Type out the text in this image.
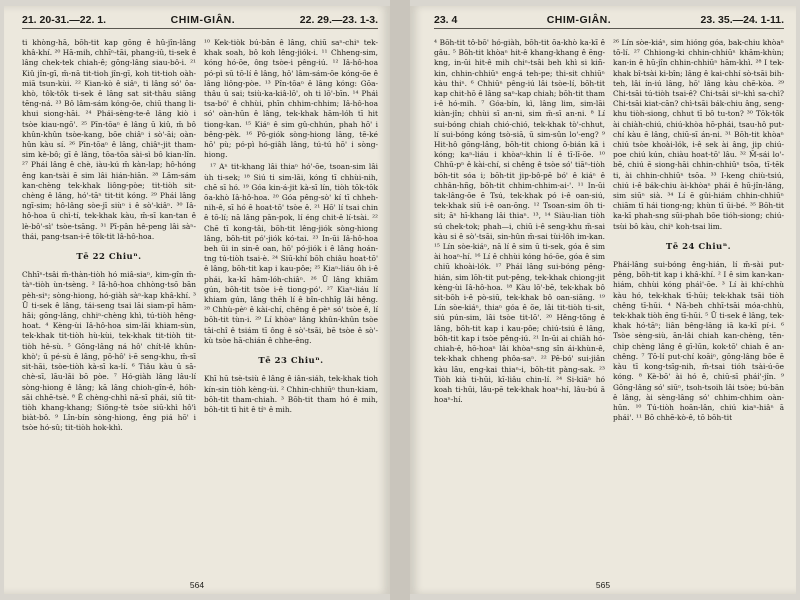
21. 20-31.—22. 1.	CHIM-GIÂN.	22. 29.—23. 1-3.

ti khòng-hā, bōh-tit kap gōng ê hû-jîn-lâng khâ-khí. ²⁰ Hā-mih, chhīⁿ-tāi, phang-iû, ti-sek ê lâng chek-tek chiah-ê; gōng-lâng siau-bô-i. ²¹ Kiû jîn-gī, m̄-nā tit-tioh jîn-gī, koh tit-tioh oàh-miā tsun-kùi. ²² Kian-kò ê siâⁿ, ti lâng só' ōa-khò, tôk-tôk ti-sek ê lâng sat sit-thâu siāng tēng-ná. ²³ Bô lâm-sám kóng-ōe, chiū thang li-khui siong-hāi. ²⁴ Phái̍-sèng-te-ê lâng kiò i tsòe kiau-ngō'. ²⁵ Pīn-tōaⁿ ê lâng ū kiû, m̄ bô khûn-khûn tsòe-kang, bōe chiâⁿ i sò'-āi; oàn-hûn kàu sí. ²⁶ Pīn-tōaⁿ ê lâng, chiâⁿ-jit tham-sim kè-bô; gī ê lâng, tōa-tōa sài-sì bô kian-lîn. ²⁷ Phái̍ lâng ê chè, iàu-kú m̄ kàn-lap; hô-hóng êng kan-tsài ē sim lâi hián-hiān. ²⁸ Lām-sám kan-chèng tek-khak liông-pòe; tit-tiòh sit-chèng ê lâng, hó'-tāⁿ tit-tit kóng. ²⁹ Phái̍ lâng ngī-sim; hô-lâng sòe-jī siùⁿ i ê sò'-kiâⁿ. ³⁰ Iâ-hô-hoa ū chì-tí, tek-khak kàu, m̄-sī kan-tan ê lè-bô'-sì' tsòe-tsāng. ³¹ Pī-pân hê-peng lâi sàⁿ-thái, pang-tsan-i-ē tōk-tit lâ-hô-hoa.

Tē 22 Chiuⁿ.

Chhīⁿ-tsâi m̄-thàn-tiòh hó miâ-siaⁿ, kim-gîn m̄-tàⁿ-tiòh ùn-tsèng. ² Iâ-hô-hoa chhòng-tsō bān pèh-siⁿ; sòng-hiong, hó-giàh sàⁿ-kap khâ-khí. ³ Ū ti-sek ê lâng, tái-seng tsai lāi siam-pī hām-hāi; gōng-lâng, chhiⁿ-chèng khì, tú-tiòh hêng-hoat. ⁴ Kèng-ùi Iâ-hô-hoa sim-lāi khiam-sùn, tek-khak tit-tiòh hù-kùi, tek-khak tit-tiòh tit-tiòh hê-sù. ⁵ Gōng-lâng ná hô' chít-lê khûn-khò'; ū pé-sù ê lâng, pō-hô' i-ē seng-khu, m̄-sī sit-hāi, tsòe-tiòh kà-sī ka-lí. ⁶ Tiâu kàu ū sā-chè-sī, lāu-lāi bō pòe. ⁷ Hó-giàh lâng lâu-lí sòng-hiong ê lâng; kā lâng chioh-gîn-ê, hóh-sāi chhē-tsè. ⁸ Ê chèng-chhì nā-sī phái, siū tit-tiòh khang-khang; Siōng-tè tsòe siū-khì hô'ì biàt-bô. ⁹ Lîn-bín sòng-hiong, êng piá hō' i tsòe hó-sû; tit-tiòh hok-khì.

¹⁰ Kek-tiòk bú-bān ê lâng, chiū saⁿ-chiⁿ tek-khak soah, bô koh lêng-jiók-i. ¹¹ Chheng-sim, kóng hó-ōe, ông tsòe-i pêng-iú. ¹² Iâ-hô-hoa pó-pì sū tō-lí ê lâng, hō' lâm-sám-ōe kóng-ōe ê lâng liông-pòe. ¹³ Pîn-tōaⁿ ê lâng kóng: Gōa-thâu ū sai; tsiù-ka-kiâ-lō', oh ti lō'-bīn. ¹⁴ Phái̍ tsa-bó' ê chhùi, phīn chhim-chhim; Iâ-hô-hoa só' oàn-hūn ê lâng, tek-khak hām-lóh tī hit tiong-kan. ¹⁵ Kiáⁿ ê sim gû-chhún, phah hō' i bêng-pèk. ¹⁶ Pô-giók sòng-hiong lâng, tē-ké hō' pù; pó-pì hó-giâh lâng, tú-tú hō' i sòng-hiong.

¹⁷ Aⁿ tit-khang lâi thiaⁿ hó'-ōe, tsoan-sim lâi ùh ti-sek; ¹⁸ Siú ti sim-lāi, kóng tī chhùi-nih, chē sī hó. ¹⁹ Góa kin-á-jit kà-sī lín, tiòh tōk-tōk ōa-khò Iâ-hô-hoa. ²⁰ Góa pêng-sò' kí tī chheh-nih-ê, sī hó ê hoat-tō' tsòe ê. ²¹ Hō' lí tsai chin ê tō-lí; nā lâng pān-pok, lí éng chit-ê lí-tsài. ²² Chē tī kong-tâi, bōh-tit lêng-jiók sòng-hiong lâng, bōh-tit pó'-jiók kó-tai. ²³ In-ūi Iâ-hô-hoa beh ūi in sin-ê oan, hō' pó-jiók i ê lâng hoán-tng tú-tiòh tsai-è. ²⁴ Siū-khí bōh chiâu hoat-tō' ê lâng, bōh-tit kap i kau-pôe; ²⁵ Kiaⁿ-liáu ôh i-ê phái, ka-kī hām-lóh-chiâⁿ. ²⁶ Ū lâng khiām gún, bōh-tit tsòe i-ê tiong-pó'. ²⁷ Kiaⁿ-liáu lí khiam gún, lâng thēh lí ê bîn-chhîg lâi hêng. ²⁸ Chhù-pèⁿ ê kài-chí, chêng ê pèⁿ só' tsòe ê, lí bōh-tit tùn-i. ²⁹ Lí khòaⁿ lâng khûn-khûn tsòe tāi-chî ê tsiám tī ông ê sò'-tsāi, bē tsòe ê sò'-kù tsòe hā-chián ê chhe-êng.

Tē 23 Chiuⁿ.

Khī hū tsè-tsiù ê lâng ê iân-siáh, tek-khak tioh kín-sin tiòh kèng-ùi. ² Chhin-chhiūⁿ thun-kiam, bōh-tit tham-chiah. ³ Bōh-tit tham hó ê mih, bōh-tit tī hit ê ti̍ⁿ ê mih.

564
23. 4	CHIM-GIÂN.	23. 35.—24. 1-11.

⁴ Bōh-tit tô-bō' hó-giàh, bōh-tit ōa-khò ka-kī ê gâu. ⁵ Bōh-tit khòaⁿ hit-ê khang-khang ê ēng-kng, in-ūi hit-ê mih chiⁿ-tsâi beh khì si kiñ-kin, chhin-chhiūⁿ eng-á teh-pe; thi-sit chhiūⁿ kàu thiⁿ. ⁶ Chhiūⁿ pêng-iú lâi tsòe-lí, bōh-tit kap chit-hō ê lâng saⁿ-kap chiah; bōh-tit tham i-ê hó-mih. ⁷ Góa-bín, kì, lâng lim, sim-lāi kiàn-jîn; chhùi sī an-ni, sim m̄-sī an-ni. ⁸ Lí sui-bóng chiah chió-chió, tek-khak tò'-chhut, lí sui-bóng kóng tsò-siā, ū sim-sûn lo'-eng? ⁹ Hit-hô gōng-lâng, bōh-tit chiong ō-bián kā i kóng; kaⁿ-liáu i khòaⁿ-khin lí ê tī-lī-ōe. ¹⁰ Chhū-pⁿ ê kài-chí, si chêng ê tsòe só' tiāⁿ-tiòh bōh-tit sóa i; bōh-tit jip-bô-pē bó' ê kiáⁿ ê chhân-hñg, bōh-tit chhim-chhim-ai-'. ¹¹ In-ūi tak-lâng-ōe ē Tsú, tek-khak pó i-ê oan-siú, tek-khak siū i-ê oan-ōng. ¹² Tsoan-sim ōh ti-sit; āⁿ hī-khang lâi thiaⁿ. ¹³, ¹⁴ Siàu-lian tiòh sú chek-tok; phah—i, chiū i-ê seng-khu m̄-sai kàu si ê sò'-tsāi, sin-hûn m̄-sai tùi-lôh im-kan. ¹⁵ Lín sòe-kiáⁿ, nā lí ê sim ū ti-sek, góa ê sim ài hoaⁿ-hí. ¹⁶ Lí ê chhùi kóng hó-ōe, góa ê sim chiū khoài-lók. ¹⁷ Phái̍ lâng sui-bóng pêng-hián, sim lōh-tit put-pêng, tek-khak chiong-jit kèng-ùi Iâ-hô-hoa. ¹⁸ Kàu lō'-bē, tek-khak bô sit-bōh i-ê pò-siū, tek-khak bô oan-siāng. ¹⁹ Lín sòe-kiáⁿ, thiaⁿ góa ê ōe, lâi tit-tiòh ti-sit, siú pún-sim, lâi tsòe tit-lō'. ²⁰ Hêng-tōng ê lâng, bōh-tit kap i kau-pôe; chiú-tsiú ê lâng, bōh-tit kap i tsòe pêng-iú. ²¹ In-ūi ai chiāh hó-chiah-ê, hō-hoaⁿ lâi khòaⁿ-sng sîn ái-khùn-ê, tek-khak chheng phôa-saⁿ. ²² Pê-bó' sui-jiân kàu lāu, eng-kai thiaⁿ-i, bōh-tit pàng-sak. ²³ Tiòh kià ti-hūi, kī-liâu chin-lí. ²⁴ Si-kiāⁿ hó koah ti-hūi, lâu-pē tek-khak hoaⁿ-hí, lâu-bú ā hoaⁿ-hí.

²⁶ Lín sòe-kiáⁿ, sim hióng góa, bak-chiu khòaⁿ tō-lí. ²⁷ Chhiong-ki chhin-chhiūⁿ khām-khùn; kan-in ê hū-jîn chhin-chhiūⁿ hām-khì. ²⁸ I tek-khak bî-tsài ki-bîn; lâng ê kai-chhí sò-tsāi bih-teh, lâi ín-iú lâng, hō' lâng kàu chē-kòa. ²⁹ Chi-tsāi tú-tiòh tsai-ê? Chi-tsāi siⁿ-khì sa-chì? Chi-tsāi kiat-cān? chì-tsāi bák-chiu âng, seng-khu tiòh-siong, chhut tī bô tu-ton? ³⁰ Tōk-tōk ài chiàh-chiú, chiú-khòa hō-phái, tsau-hô put-chí kàu ē lâng, chiū-sī án-ni. ³¹ Bōh-tit khòaⁿ chiú tsòe khoài-lók, i-ê sek ài âng, jip chiú-poe chiú kún, chiàu hoat-tō' lâu. ³² M̄-sái lo'-bē, chiú ē siong-hāi chhin-chhiūⁿ tsōa, tī-tēk ti, ài chhin-chhiūⁿ tsōa. ³³ I-keng chiù-tsiú, chiú i-ê bák-chiu ài-khòaⁿ phái ê hū-jîn-lâng, sim siūⁿ sià. ³⁴ Lí ē gûi-hiám chhin-chhiūⁿ chiām tī hái tiong-ng; khùn tī ūi-bé. ³⁵ Bōh-tit ka-kī phah-sng sūi-phah bōe tióh-siong; chiú-tsùi bô kàu, chiⁿ koh-tsai lim.

Tē 24 Chiuⁿ.

Phái̍-lâng sui-bóng êng-hián, lí m̄-sài put-pêng, bōh-tit kap i khâ-khí. ² I ê sim kan-kan-hiám, chhùi kóng phái̍'-ōe. ³ Lí ài khí-chhù kàu hó, tek-khak tī-hūi; tek-khak tsāi tiòh chêng tī-hūi. ⁴ Nā-beh chhī-tsāi móa-chhù, tek-khak tiòh ēng tī-hūi. ⁵ Ū ti-sek ê lâng, tek-khak hó-tāⁿ; liân bêng-lâng iā ka-kī pí-i. ⁶ Tsòe sèng-siù, ān-lâi chiah kan-chèng, tēn-chip chèng lâng ê gī-lūn, kok-tō' chiah ē an-chêng. ⁷ Tō-lí put-chí koāiⁿ, gōng-lâng bōe ē kàu tī kong-tsīg-nih, m̄-tsai tióh tsài-ú-ōe kóng. ⁸ Kè-bō' ài hó ê, chiū-sī phái̍'-jîn. ⁹ Gōng-lâng só' siūⁿ, tsoh-tsoih lâi tsòe; bú-bān ê lâng, ài sèng-lâng só' chhim-chhim oàn-hūn. ¹⁰ Tú-tiòh hoān-lân, chiú kiaⁿ-hiâⁿ ā phái̍'. ¹¹ Bō chhē-kò-ê, tō bōh-tit

565
